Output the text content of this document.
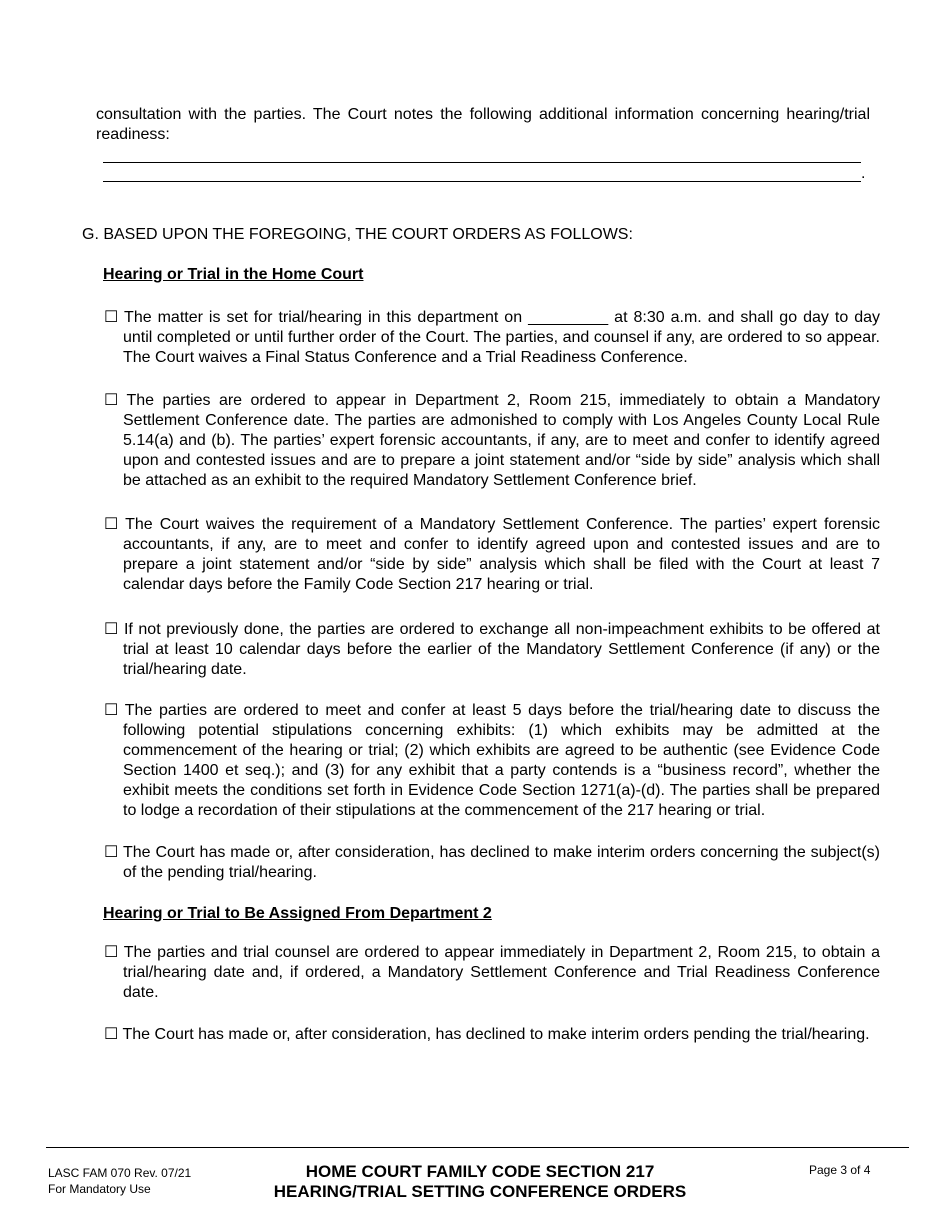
consultation with the parties. The Court notes the following additional information concerning hearing/trial readiness:
.
G. BASED UPON THE FOREGOING, THE COURT ORDERS AS FOLLOWS:
Hearing or Trial in the Home Court
☐ The matter is set for trial/hearing in this department on _________ at 8:30 a.m. and shall go day to day until completed or until further order of the Court. The parties, and counsel if any, are ordered to so appear. The Court waives a Final Status Conference and a Trial Readiness Conference.
☐ The parties are ordered to appear in Department 2, Room 215, immediately to obtain a Mandatory Settlement Conference date. The parties are admonished to comply with Los Angeles County Local Rule 5.14(a) and (b). The parties’ expert forensic accountants, if any, are to meet and confer to identify agreed upon and contested issues and are to prepare a joint statement and/or “side by side” analysis which shall be attached as an exhibit to the required Mandatory Settlement Conference brief.
☐ The Court waives the requirement of a Mandatory Settlement Conference. The parties’ expert forensic accountants, if any, are to meet and confer to identify agreed upon and contested issues and are to prepare a joint statement and/or “side by side” analysis which shall be filed with the Court at least 7 calendar days before the Family Code Section 217 hearing or trial.
☐ If not previously done, the parties are ordered to exchange all non-impeachment exhibits to be offered at trial at least 10 calendar days before the earlier of the Mandatory Settlement Conference (if any) or the trial/hearing date.
☐ The parties are ordered to meet and confer at least 5 days before the trial/hearing date to discuss the following potential stipulations concerning exhibits: (1) which exhibits may be admitted at the commencement of the hearing or trial; (2) which exhibits are agreed to be authentic (see Evidence Code Section 1400 et seq.); and (3) for any exhibit that a party contends is a “business record”, whether the exhibit meets the conditions set forth in Evidence Code Section 1271(a)-(d). The parties shall be prepared to lodge a recordation of their stipulations at the commencement of the 217 hearing or trial.
☐ The Court has made or, after consideration, has declined to make interim orders concerning the subject(s) of the pending trial/hearing.
Hearing or Trial to Be Assigned From Department 2
☐ The parties and trial counsel are ordered to appear immediately in Department 2, Room 215, to obtain a trial/hearing date and, if ordered, a Mandatory Settlement Conference and Trial Readiness Conference date.
☐ The Court has made or, after consideration, has declined to make interim orders pending the trial/hearing.
LASC FAM 070 Rev. 07/21
For Mandatory Use
HOME COURT FAMILY CODE SECTION 217
HEARING/TRIAL SETTING CONFERENCE ORDERS
Page 3 of 4
